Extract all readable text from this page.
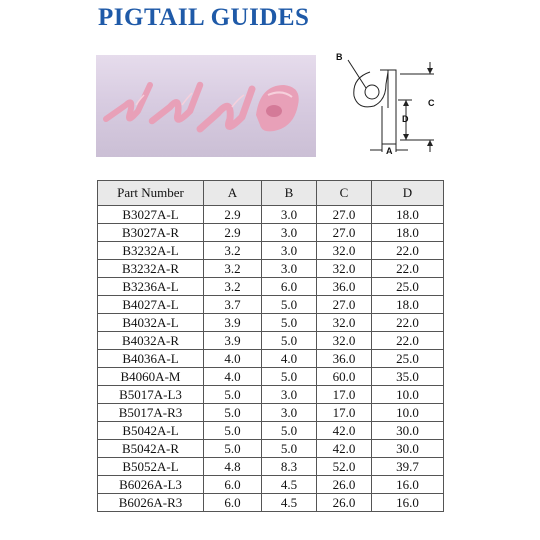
PIGTAIL GUIDES
B
C
D
A
Part Number	A	B	C	D
B3027A-L	2.9	3.0	27.0	18.0
B3027A-R	2.9	3.0	27.0	18.0
B3232A-L	3.2	3.0	32.0	22.0
B3232A-R	3.2	3.0	32.0	22.0
B3236A-L	3.2	6.0	36.0	25.0
B4027A-L	3.7	5.0	27.0	18.0
B4032A-L	3.9	5.0	32.0	22.0
B4032A-R	3.9	5.0	32.0	22.0
B4036A-L	4.0	4.0	36.0	25.0
B4060A-M	4.0	5.0	60.0	35.0
B5017A-L3	5.0	3.0	17.0	10.0
B5017A-R3	5.0	3.0	17.0	10.0
B5042A-L	5.0	5.0	42.0	30.0
B5042A-R	5.0	5.0	42.0	30.0
B5052A-L	4.8	8.3	52.0	39.7
B6026A-L3	6.0	4.5	26.0	16.0
B6026A-R3	6.0	4.5	26.0	16.0
